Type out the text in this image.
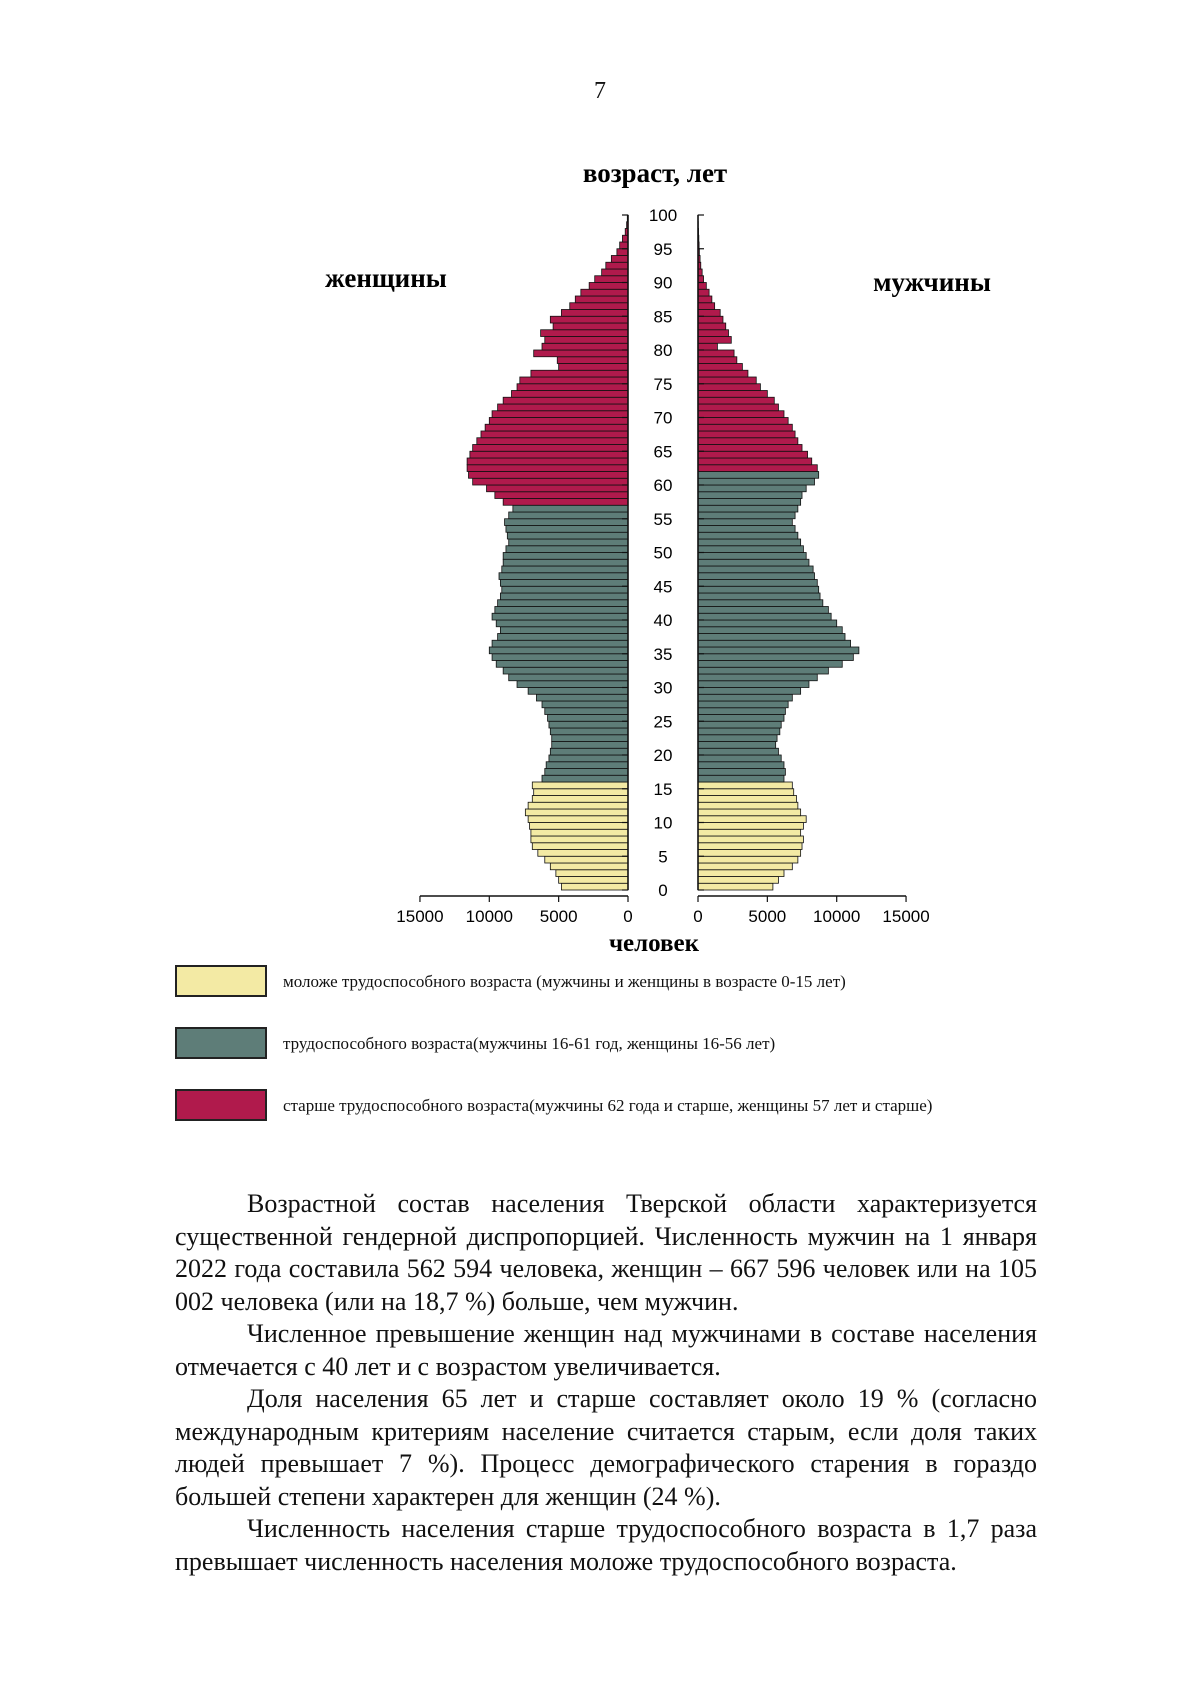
7
возраст, лет
женщины	мужчины
человек
0
5
10
15
20
25
30
35
40
45
50
55
60
65
70
75
80
85
90
95
100
15000 10000 5000	0	0	5000 10000 15000
моложе трудоспособного возраста (мужчины и женщины в возрасте 0-15 лет)
трудоспособного возраста(мужчины 16-61 год, женщины 16-56 лет)
старше трудоспособного возраста(мужчины 62 года и старше, женщины 57 лет и старше)

Возрастной состав населения Тверской области характеризуется существенной гендерной диспропорцией. Численность мужчин на 1 января 2022 года составила 562 594 человека, женщин – 667 596 человек или на 105 002 человека (или на 18,7 %) больше, чем мужчин.

Численное превышение женщин над мужчинами в составе населения отмечается с 40 лет и с возрастом увеличивается.

Доля населения 65 лет и старше составляет около 19 % (согласно международным критериям население считается старым, если доля таких людей превышает 7 %). Процесс демографического старения в гораздо большей степени характерен для женщин (24 %).

Численность населения старше трудоспособного возраста в 1,7 раза превышает численность населения моложе трудоспособного возраста.
